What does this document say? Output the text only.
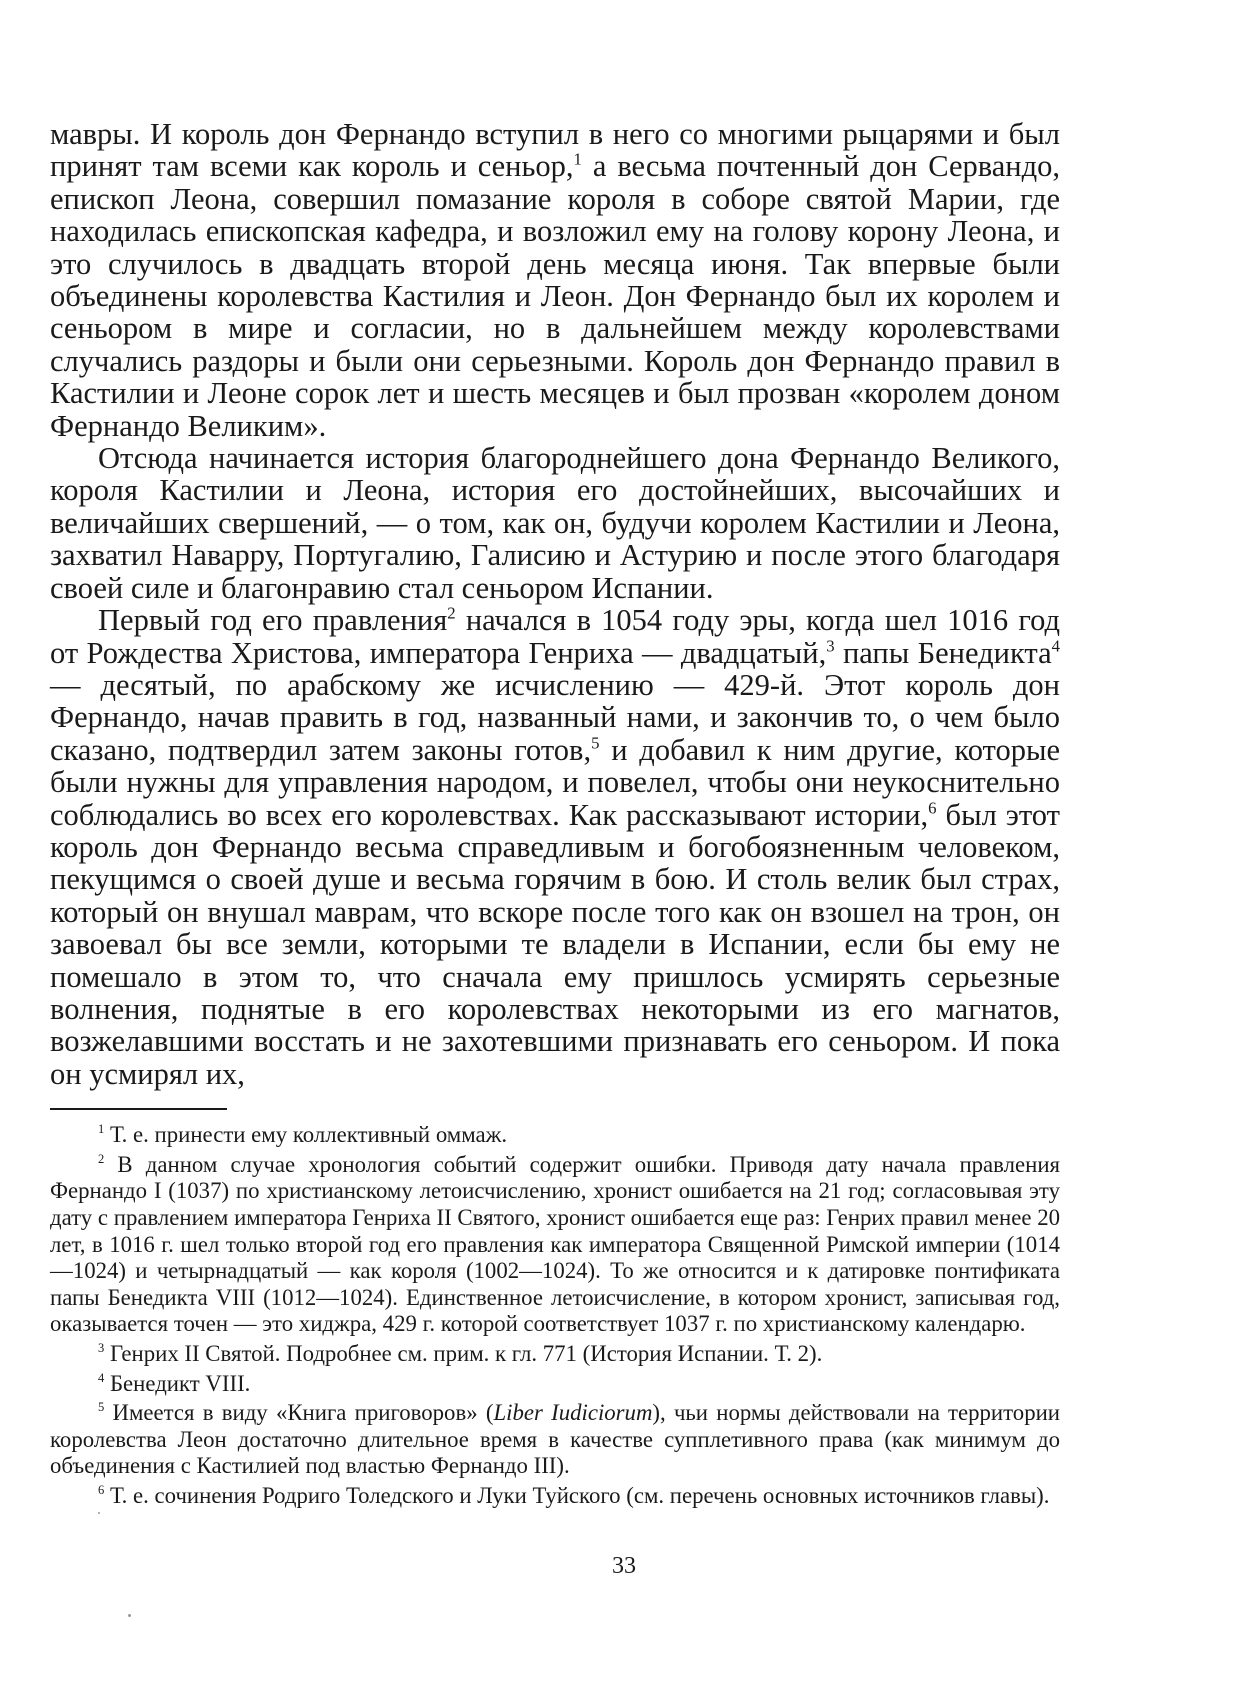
мавры. И король дон Фернандо вступил в него со многими рыцарями и был принят там всеми как король и сеньор,$^1$ а весьма почтенный дон Сервандо, епископ Леона, совершил помазание короля в соборе святой Марии, где находилась епископская кафедра, и возложил ему на голову корону Леона, и это случилось в двадцать второй день месяца июня. Так впервые были объединены королевства Кастилия и Леон. Дон Фернандо был их королем и сеньором в мире и согласии, но в дальнейшем между королевствами случались раздоры и были они серьезными. Король дон Фернандо правил в Кастилии и Леоне сорок лет и шесть месяцев и был прозван «королем доном Фернандо Великим».

Отсюда начинается история благороднейшего дона Фернандо Великого, короля Кастилии и Леона, история его достойнейших, высочайших и величайших свершений, — о том, как он, будучи королем Кастилии и Леона, захватил Наварру, Португалию, Галисию и Астурию и после этого благодаря своей силе и благонравию стал сеньором Испании.

Первый год его правления$^2$ начался в 1054 году эры, когда шел 1016 год от Рождества Христова, императора Генриха — двадцатый,$^3$ папы Бенедикта$^4$ — десятый, по арабскому же исчислению — 429-й. Этот король дон Фернандо, начав править в год, названный нами, и закончив то, о чем было сказано, подтвердил затем законы готов,$^5$ и добавил к ним другие, которые были нужны для управления народом, и повелел, чтобы они неукоснительно соблюдались во всех его королевствах. Как рассказывают истории,$^6$ был этот король дон Фернандо весьма справедливым и богобоязненным человеком, пекущимся о своей душе и весьма горячим в бою. И столь велик был страх, который он внушал маврам, что вскоре после того как он взошел на трон, он завоевал бы все земли, которыми те владели в Испании, если бы ему не помешало в этом то, что сначала ему пришлось усмирять серьезные волнения, поднятые в его королевствах некоторыми из его магнатов, возжелавшими восстать и не захотевшими признавать его сеньором. И пока он усмирял их,

$^1$ Т. е. принести ему коллективный оммаж.

$^2$ В данном случае хронология событий содержит ошибки. Приводя дату начала правления Фернандо I (1037) по христианскому летоисчислению, хронист ошибается на 21 год; согласовывая эту дату с правлением императора Генриха II Святого, хронист ошибается еще раз: Генрих правил менее 20 лет, в 1016 г. шел только второй год его правления как императора Священной Римской империи (1014—1024) и четырнадцатый — как короля (1002—1024). То же относится и к датировке понтификата папы Бенедикта VIII (1012—1024). Единственное летоисчисление, в котором хронист, записывая год, оказывается точен — это хиджра, 429 г. которой соответствует 1037 г. по христианскому календарю.

$^3$ Генрих II Святой. Подробнее см. прим. к гл. 771 (История Испании. Т. 2).

$^4$ Бенедикт VIII.

$^5$ Имеется в виду «Книга приговоров» (Liber Iudiciorum), чьи нормы действовали на территории королевства Леон достаточно длительное время в качестве супплетивного права (как минимум до объединения с Кастилией под властью Фернандо III).

$^6$ Т. е. сочинения Родриго Толедского и Луки Туйского (см. перечень основных источников главы).

33
